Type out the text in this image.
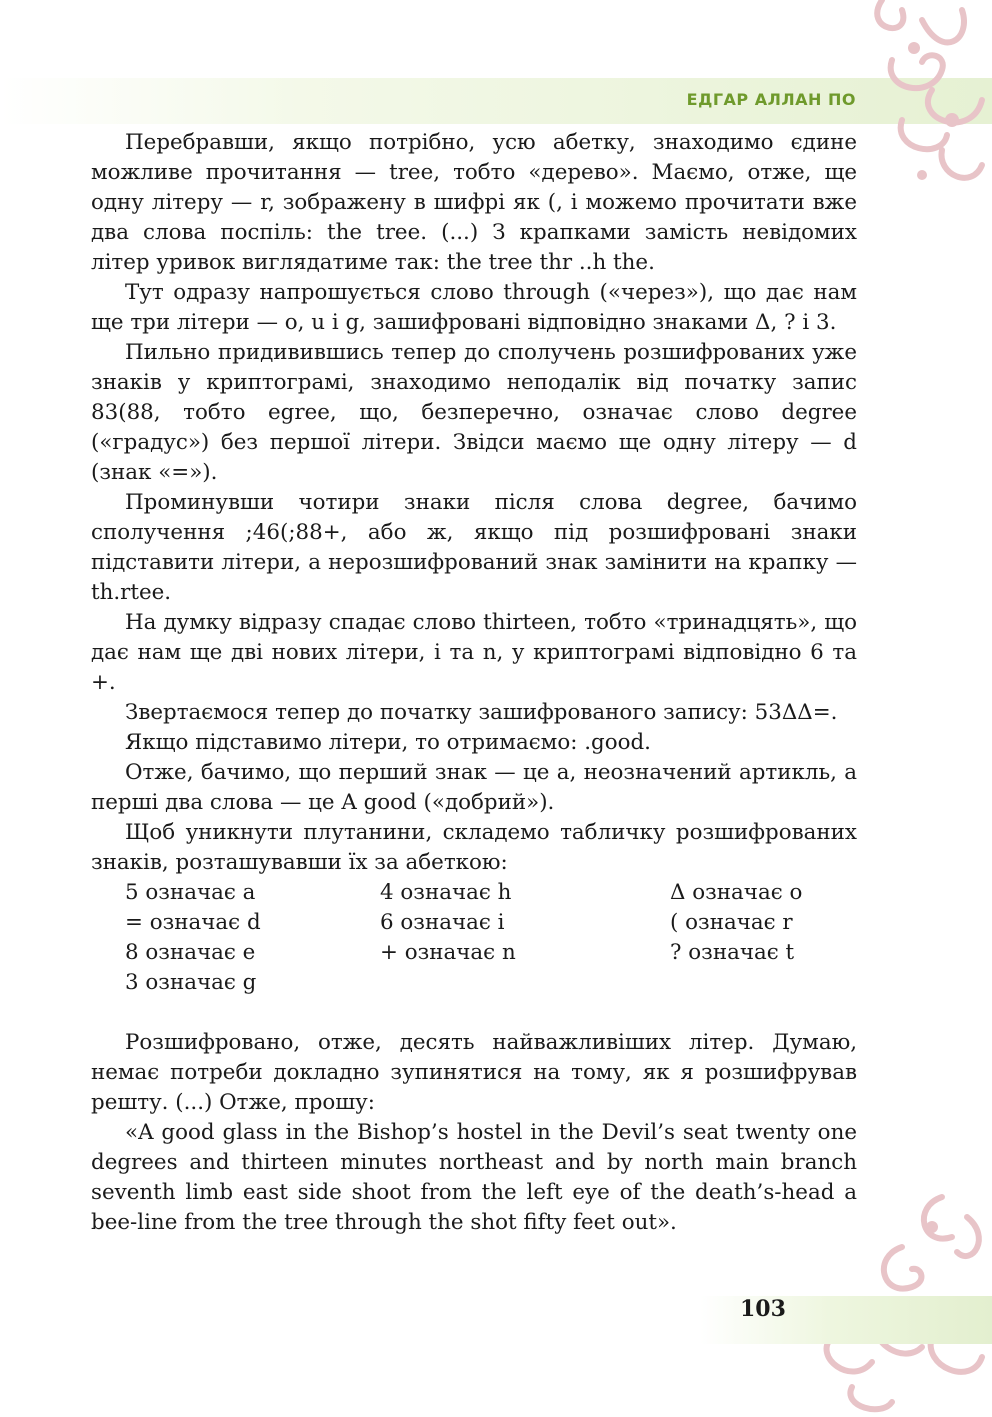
ЕДГАР АЛЛАН ПО

Перебравши, якщо потрібно, усю абетку, знаходимо єдине можливе прочитання — tree, тобто «дерево». Маємо, отже, ще одну літеру — r, зображену в шифрі як (, і можемо прочитати вже два слова поспіль: the tree. (...) З крапками замість невідомих літер уривок виглядатиме так: the tree thr ..h the.

Тут одразу напрошується слово through («через»), що дає нам ще три літери — o, u і g, зашифровані відповідно знаками Δ, ? і 3.

Пильно придивившись тепер до сполучень розшифрованих уже знаків у криптограмі, знаходимо неподалік від початку запис 83(88, тобто egree, що, безперечно, означає слово degree («градус») без першої літери. Звідси маємо ще одну літеру — d (знак «=»).

Проминувши чотири знаки після слова degree, бачимо сполучення ;46(;88+, або ж, якщо під розшифровані знаки підставити літери, а нерозшифрований знак замінити на крапку — th.rtee.

На думку відразу спадає слово thirteen, тобто «тринадцять», що дає нам ще дві нових літери, i та n, у криптограмі відповідно 6 та +.

Звертаємося тепер до початку зашифрованого запису: 53ΔΔ=.

Якщо підставимо літери, то отримаємо: .good.

Отже, бачимо, що перший знак — це a, неозначений артикль, а перші два слова — це A good («добрий»).

Щоб уникнути плутанини, складемо табличку розшифрованих знаків, розташувавши їх за абеткою:

5 означає a	4 означає h	Δ означає o
= означає d	6 означає i	( означає r
8 означає e	+ означає n	? означає t
3 означає g

Розшифровано, отже, десять найважливіших літер. Думаю, немає потреби докладно зупинятися на тому, як я розшифрував решту. (...) Отже, прошу:

«A good glass in the Bishop’s hostel in the Devil’s seat twenty one degrees and thirteen minutes northeast and by north main branch seventh limb east side shoot from the left eye of the death’s-head a bee-line from the tree through the shot fifty feet out».

103
